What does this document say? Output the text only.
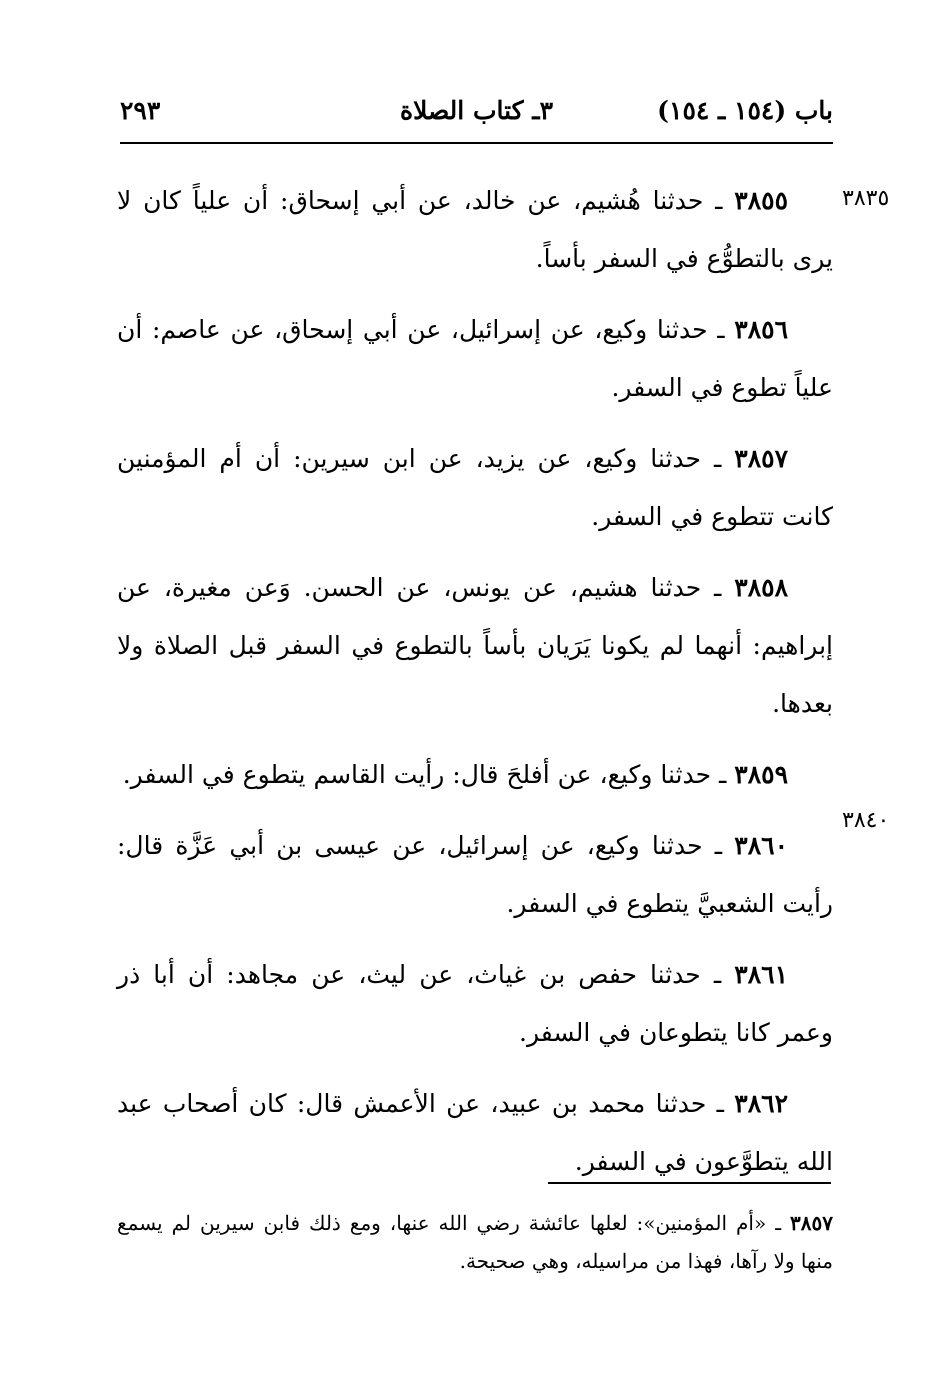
باب (١٥٤ ـ ١٥٤)
٣ـ كتاب الصلاة
٢٩٣
٣٨٣٥
٣٨٤٠

٣٨٥٥ ـ حدثنا هُشيم، عن خالد، عن أبي إسحاق: أن علياً كان لا يرى بالتطوُّع في السفر بأساً.

٣٨٥٦ ـ حدثنا وكيع، عن إسرائيل، عن أبي إسحاق، عن عاصم: أن علياً تطوع في السفر.

٣٨٥٧ ـ حدثنا وكيع، عن يزيد، عن ابن سيرين: أن أم المؤمنين كانت تتطوع في السفر.

٣٨٥٨ ـ حدثنا هشيم، عن يونس، عن الحسن. وَعن مغيرة، عن إبراهيم: أنهما لم يكونا يَرَيان بأساً بالتطوع في السفر قبل الصلاة ولا بعدها.

٣٨٥٩ ـ حدثنا وكيع، عن أفلحَ قال: رأيت القاسم يتطوع في السفر.

٣٨٦٠ ـ حدثنا وكيع، عن إسرائيل، عن عيسى بن أبي عَزَّة قال: رأيت الشعبيَّ يتطوع في السفر.

٣٨٦١ ـ حدثنا حفص بن غياث، عن ليث، عن مجاهد: أن أبا ذر وعمر كانا يتطوعان في السفر.

٣٨٦٢ ـ حدثنا محمد بن عبيد، عن الأعمش قال: كان أصحاب عبد الله يتطوَّعون في السفر.

٣٨٥٧ ـ «أم المؤمنين»: لعلها عائشة رضي الله عنها، ومع ذلك فابن سيرين لم يسمع منها ولا رآها، فهذا من مراسيله، وهي صحيحة.
